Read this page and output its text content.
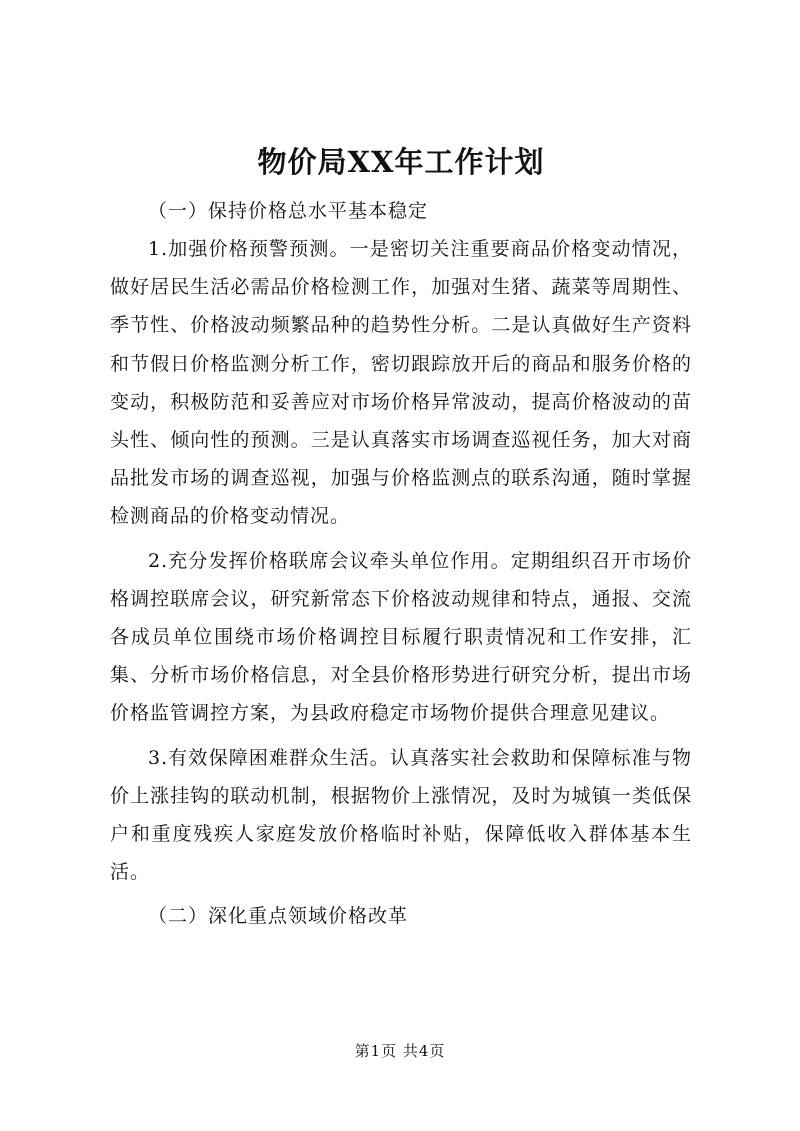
物价局XX年工作计划

（一）保持价格总水平基本稳定

1.加强价格预警预测。一是密切关注重要商品价格变动情况，做好居民生活必需品价格检测工作，加强对生猪、蔬菜等周期性、季节性、价格波动频繁品种的趋势性分析。二是认真做好生产资料和节假日价格监测分析工作，密切跟踪放开后的商品和服务价格的变动，积极防范和妥善应对市场价格异常波动，提高价格波动的苗头性、倾向性的预测。三是认真落实市场调查巡视任务，加大对商品批发市场的调查巡视，加强与价格监测点的联系沟通，随时掌握检测商品的价格变动情况。

2.充分发挥价格联席会议牵头单位作用。定期组织召开市场价格调控联席会议，研究新常态下价格波动规律和特点，通报、交流各成员单位围绕市场价格调控目标履行职责情况和工作安排，汇集、分析市场价格信息，对全县价格形势进行研究分析，提出市场价格监管调控方案，为县政府稳定市场物价提供合理意见建议。

3.有效保障困难群众生活。认真落实社会救助和保障标准与物价上涨挂钩的联动机制，根据物价上涨情况，及时为城镇一类低保户和重度残疾人家庭发放价格临时补贴，保障低收入群体基本生活。

（二）深化重点领域价格改革

第1页 共4页
